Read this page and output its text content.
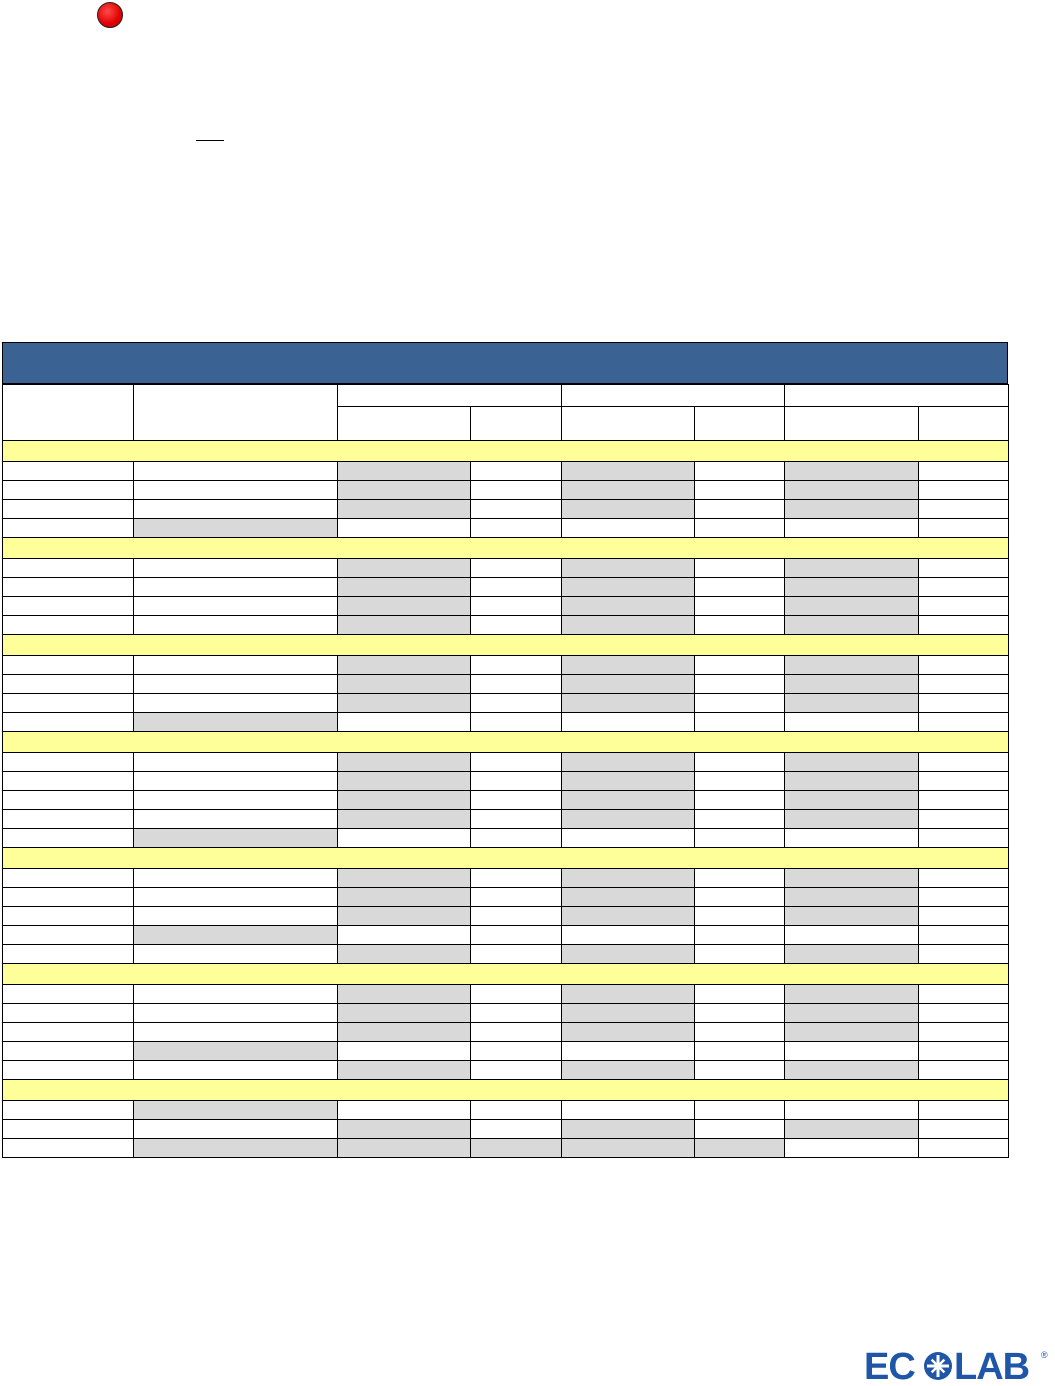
EC LAB ®
